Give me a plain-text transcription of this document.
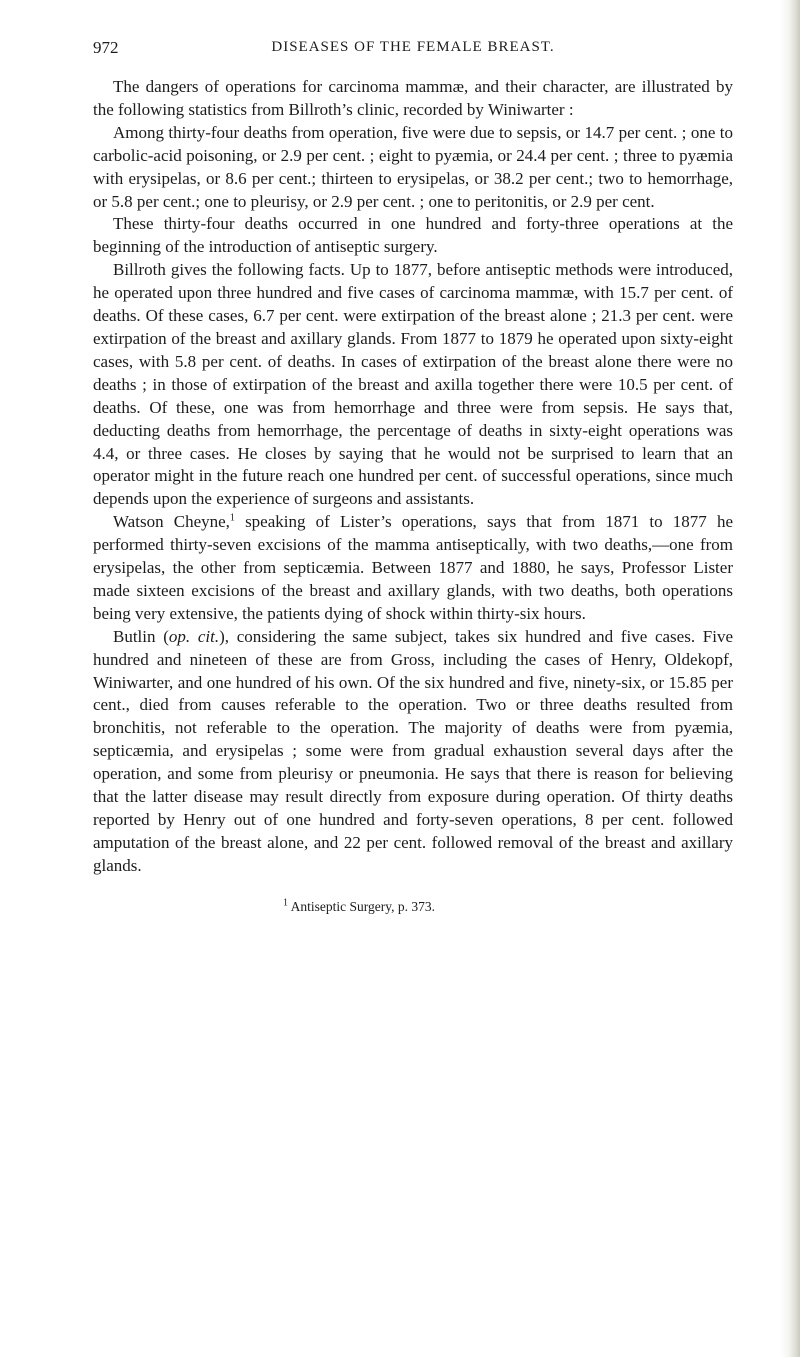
972	DISEASES OF THE FEMALE BREAST.

The dangers of operations for carcinoma mammæ, and their character, are illustrated by the following statistics from Billroth’s clinic, recorded by Winiwarter :

Among thirty-four deaths from operation, five were due to sepsis, or 14.7 per cent. ; one to carbolic-acid poisoning, or 2.9 per cent. ; eight to pyæmia, or 24.4 per cent. ; three to pyæmia with erysipelas, or 8.6 per cent.; thirteen to erysipelas, or 38.2 per cent.; two to hemorrhage, or 5.8 per cent.; one to pleurisy, or 2.9 per cent. ; one to peritonitis, or 2.9 per cent.

These thirty-four deaths occurred in one hundred and forty-three operations at the beginning of the introduction of antiseptic surgery.

Billroth gives the following facts. Up to 1877, before antiseptic methods were introduced, he operated upon three hundred and five cases of carcinoma mammæ, with 15.7 per cent. of deaths. Of these cases, 6.7 per cent. were extirpation of the breast alone ; 21.3 per cent. were extirpation of the breast and axillary glands. From 1877 to 1879 he operated upon sixty-eight cases, with 5.8 per cent. of deaths. In cases of extirpation of the breast alone there were no deaths ; in those of extirpation of the breast and axilla together there were 10.5 per cent. of deaths. Of these, one was from hemorrhage and three were from sepsis. He says that, deducting deaths from hemorrhage, the percentage of deaths in sixty-eight operations was 4.4, or three cases. He closes by saying that he would not be surprised to learn that an operator might in the future reach one hundred per cent. of successful operations, since much depends upon the experience of surgeons and assistants.

Watson Cheyne,$^1$ speaking of Lister’s operations, says that from 1871 to 1877 he performed thirty-seven excisions of the mamma antiseptically, with two deaths,—one from erysipelas, the other from septicæmia. Between 1877 and 1880, he says, Professor Lister made sixteen excisions of the breast and axillary glands, with two deaths, both operations being very extensive, the patients dying of shock within thirty-six hours.

Butlin (op. cit.), considering the same subject, takes six hundred and five cases. Five hundred and nineteen of these are from Gross, including the cases of Henry, Oldekopf, Winiwarter, and one hundred of his own. Of the six hundred and five, ninety-six, or 15.85 per cent., died from causes referable to the operation. Two or three deaths resulted from bronchitis, not referable to the operation. The majority of deaths were from pyæmia, septicæmia, and erysipelas ; some were from gradual exhaustion several days after the operation, and some from pleurisy or pneumonia. He says that there is reason for believing that the latter disease may result directly from exposure during operation. Of thirty deaths reported by Henry out of one hundred and forty-seven operations, 8 per cent. followed amputation of the breast alone, and 22 per cent. followed removal of the breast and axillary glands.

$^1$ Antiseptic Surgery, p. 373.
